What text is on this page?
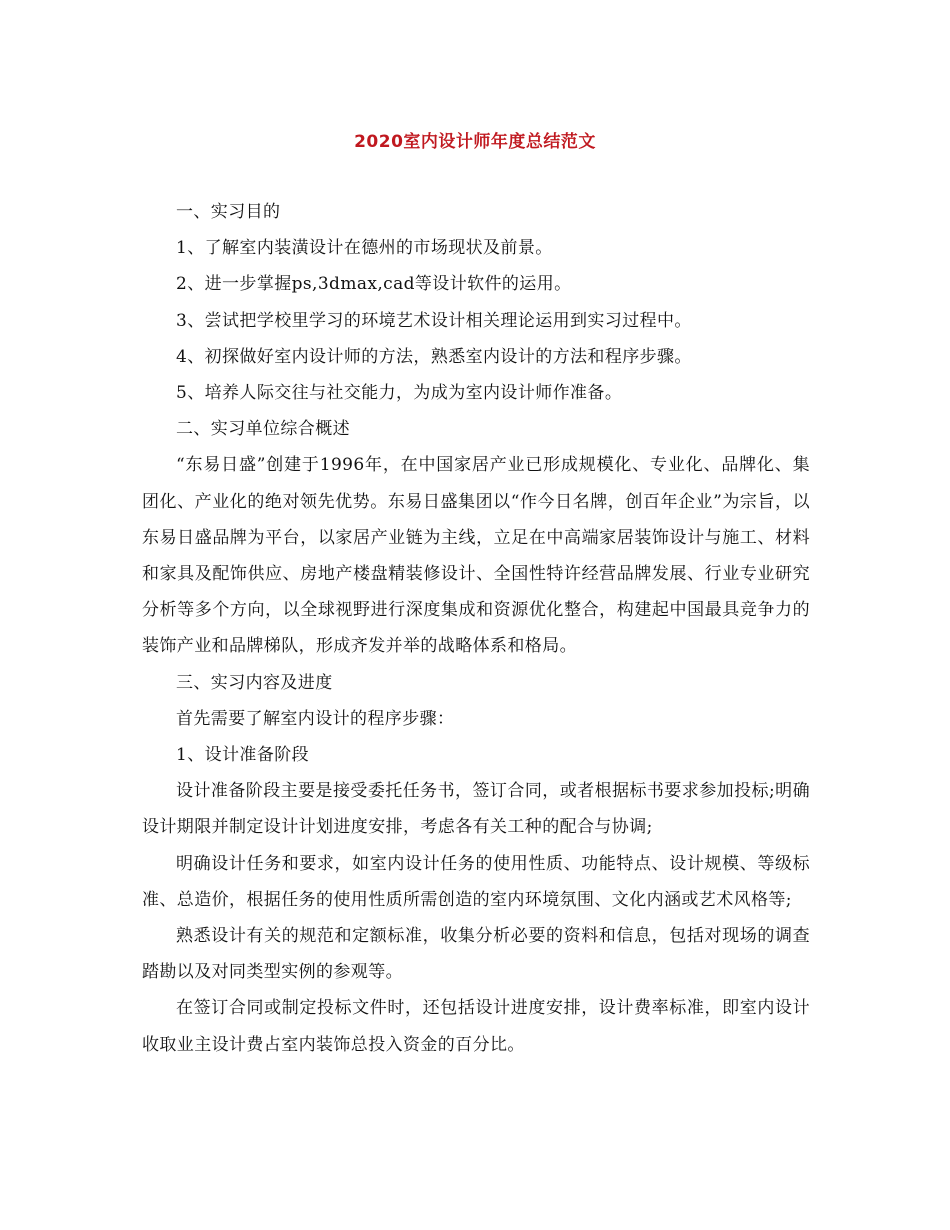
2020室内设计师年度总结范文

一、实习目的

1、了解室内装潢设计在德州的市场现状及前景。

2、进一步掌握ps,3dmax,cad等设计软件的运用。

3、尝试把学校里学习的环境艺术设计相关理论运用到实习过程中。

4、初探做好室内设计师的方法，熟悉室内设计的方法和程序步骤。

5、培养人际交往与社交能力，为成为室内设计师作准备。

二、实习单位综合概述

“东易日盛”创建于1996年，在中国家居产业已形成规模化、专业化、品牌化、集团化、产业化的绝对领先优势。东易日盛集团以“作今日名牌，创百年企业”为宗旨，以东易日盛品牌为平台，以家居产业链为主线，立足在中高端家居装饰设计与施工、材料和家具及配饰供应、房地产楼盘精装修设计、全国性特许经营品牌发展、行业专业研究分析等多个方向，以全球视野进行深度集成和资源优化整合，构建起中国最具竞争力的装饰产业和品牌梯队，形成齐发并举的战略体系和格局。

三、实习内容及进度

首先需要了解室内设计的程序步骤：

1、设计准备阶段

设计准备阶段主要是接受委托任务书，签订合同，或者根据标书要求参加投标;明确设计期限并制定设计计划进度安排，考虑各有关工种的配合与协调;

明确设计任务和要求，如室内设计任务的使用性质、功能特点、设计规模、等级标准、总造价，根据任务的使用性质所需创造的室内环境氛围、文化内涵或艺术风格等;

熟悉设计有关的规范和定额标准，收集分析必要的资料和信息，包括对现场的调查踏勘以及对同类型实例的参观等。

在签订合同或制定投标文件时，还包括设计进度安排，设计费率标准，即室内设计收取业主设计费占室内装饰总投入资金的百分比。
